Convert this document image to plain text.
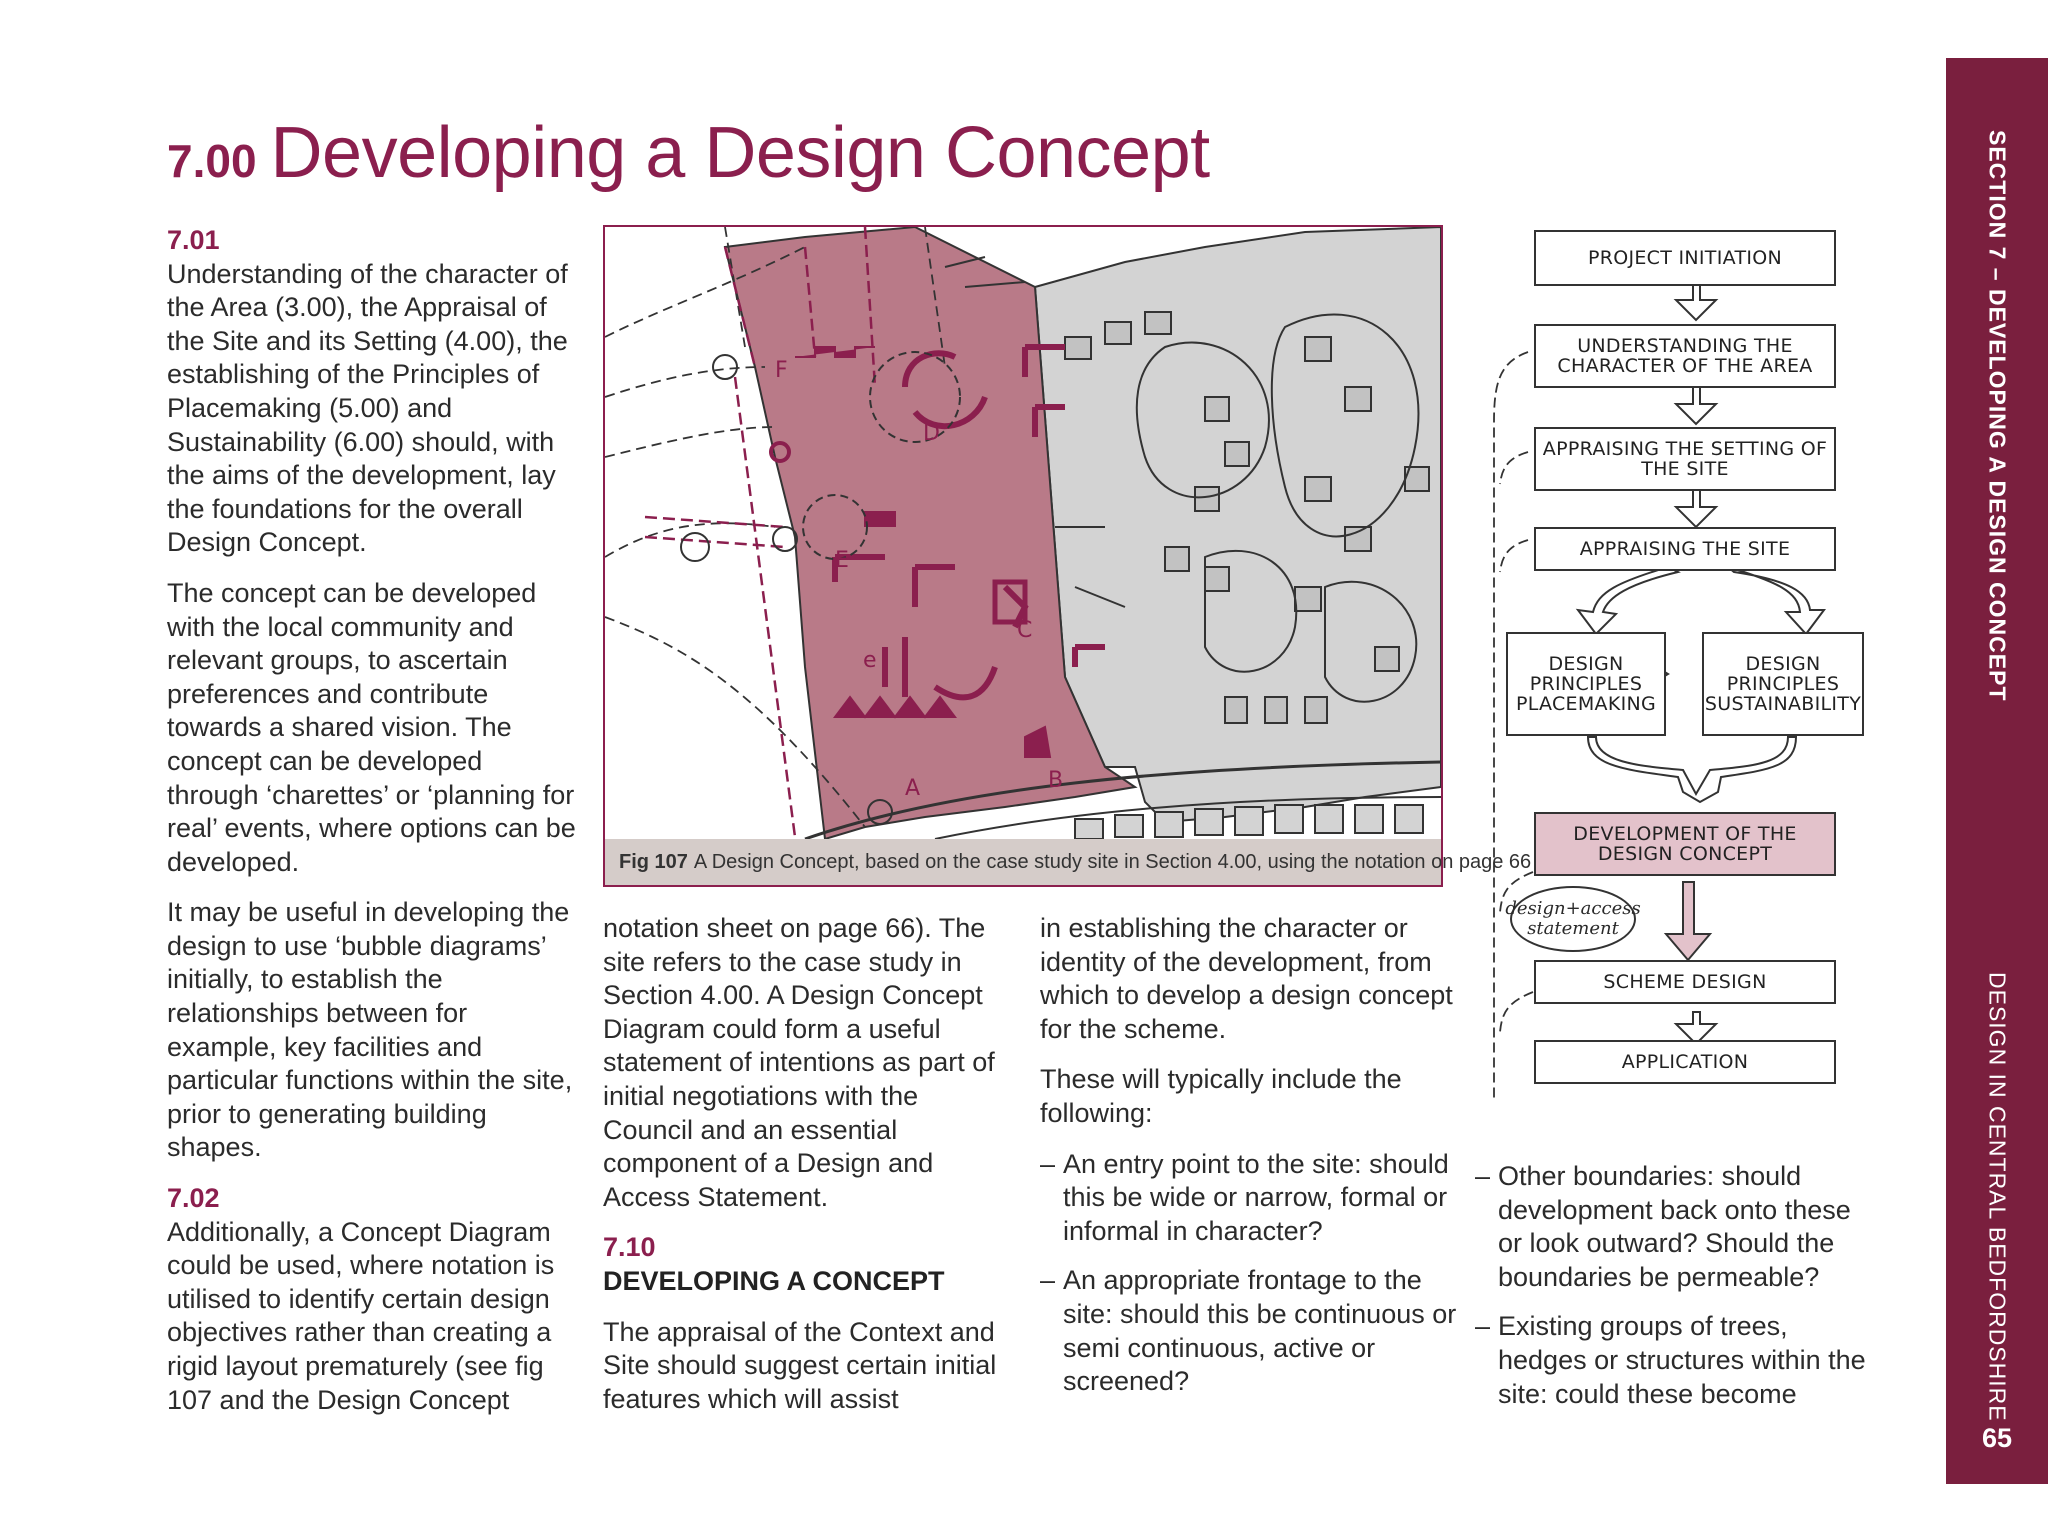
7.00 Developing a Design Concept
7.01

Understanding of the character of the Area (3.00), the Appraisal of the Site and its Setting (4.00), the establishing of the Principles of Placemaking (5.00) and Sustainability (6.00) should, with the aims of the development, lay the foundations for the overall Design Concept.

The concept can be developed with the local community and relevant groups, to ascertain preferences and contribute towards a shared vision. The concept can be developed through ‘charettes’ or ‘planning for real’ events, where options can be developed.

It may be useful in developing the design to use ‘bubble diagrams’ initially, to establish the relationships between for example, key facilities and particular functions within the site, prior to generating building shapes.

7.02

Additionally, a Concept Diagram could be used, where notation is utilised to identify certain design objectives rather than creating a rigid layout prematurely (see fig 107 and the Design Concept

F
D
E
e
C
A	B
Fig 107 A Design Concept, based on the case study site in Section 4.00, using the notation on page 66

notation sheet on page 66). The site refers to the case study in Section 4.00. A Design Concept Diagram could form a useful statement of intentions as part of initial negotiations with the Council and an essential component of a Design and Access Statement.

7.10
DEVELOPING A CONCEPT

The appraisal of the Context and Site should suggest certain initial features which will assist

in establishing the character or identity of the development, from which to develop a design concept for the scheme.

These will typically include the following:

– An entry point to the site: should this be wide or narrow, formal or informal in character?
– An appropriate frontage to the site: should this be continuous or semi continuous, active or screened?
– Other boundaries: should development back onto these or look outward? Should the boundaries be permeable?
– Existing groups of trees, hedges or structures within the site: could these become
PROJECT INITIATION
UNDERSTANDING THE CHARACTER OF THE AREA
APPRAISING THE SETTING OF THE SITE
APPRAISING THE SITE
DESIGN PRINCIPLES PLACEMAKING
DESIGN PRINCIPLES SUSTAINABILITY
DEVELOPMENT OF THE DESIGN CONCEPT
design+access statement
SCHEME DESIGN
APPLICATION
SECTION 7 – DEVELOPING A DESIGN CONCEPT
DESIGN IN CENTRAL BEDFORDSHIRE
65
